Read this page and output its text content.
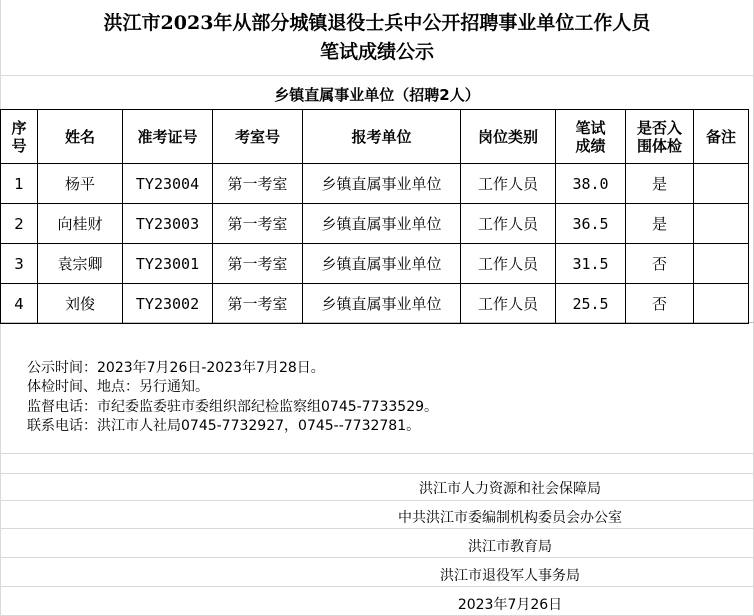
洪江市2023年从部分城镇退役士兵中公开招聘事业单位工作人员
笔试成绩公示
乡镇直属事业单位（招聘2人）
序号	姓名	准考证号	考室号	报考单位	岗位类别	笔试成绩	是否入围体检	备注
1	杨平	TY23004	第一考室	乡镇直属事业单位	工作人员	38.0	是	
2	向桂财	TY23003	第一考室	乡镇直属事业单位	工作人员	36.5	是	
3	袁宗卿	TY23001	第一考室	乡镇直属事业单位	工作人员	31.5	否	
4	刘俊	TY23002	第一考室	乡镇直属事业单位	工作人员	25.5	否	
公示时间：2023年7月26日-2023年7月28日。
体检时间、地点：另行通知。
监督电话：市纪委监委驻市委组织部纪检监察组0745-7733529。
联系电话：洪江市人社局0745-7732927，0745--7732781。
洪江市人力资源和社会保障局
中共洪江市委编制机构委员会办公室
洪江市教育局
洪江市退役军人事务局
2023年7月26日
